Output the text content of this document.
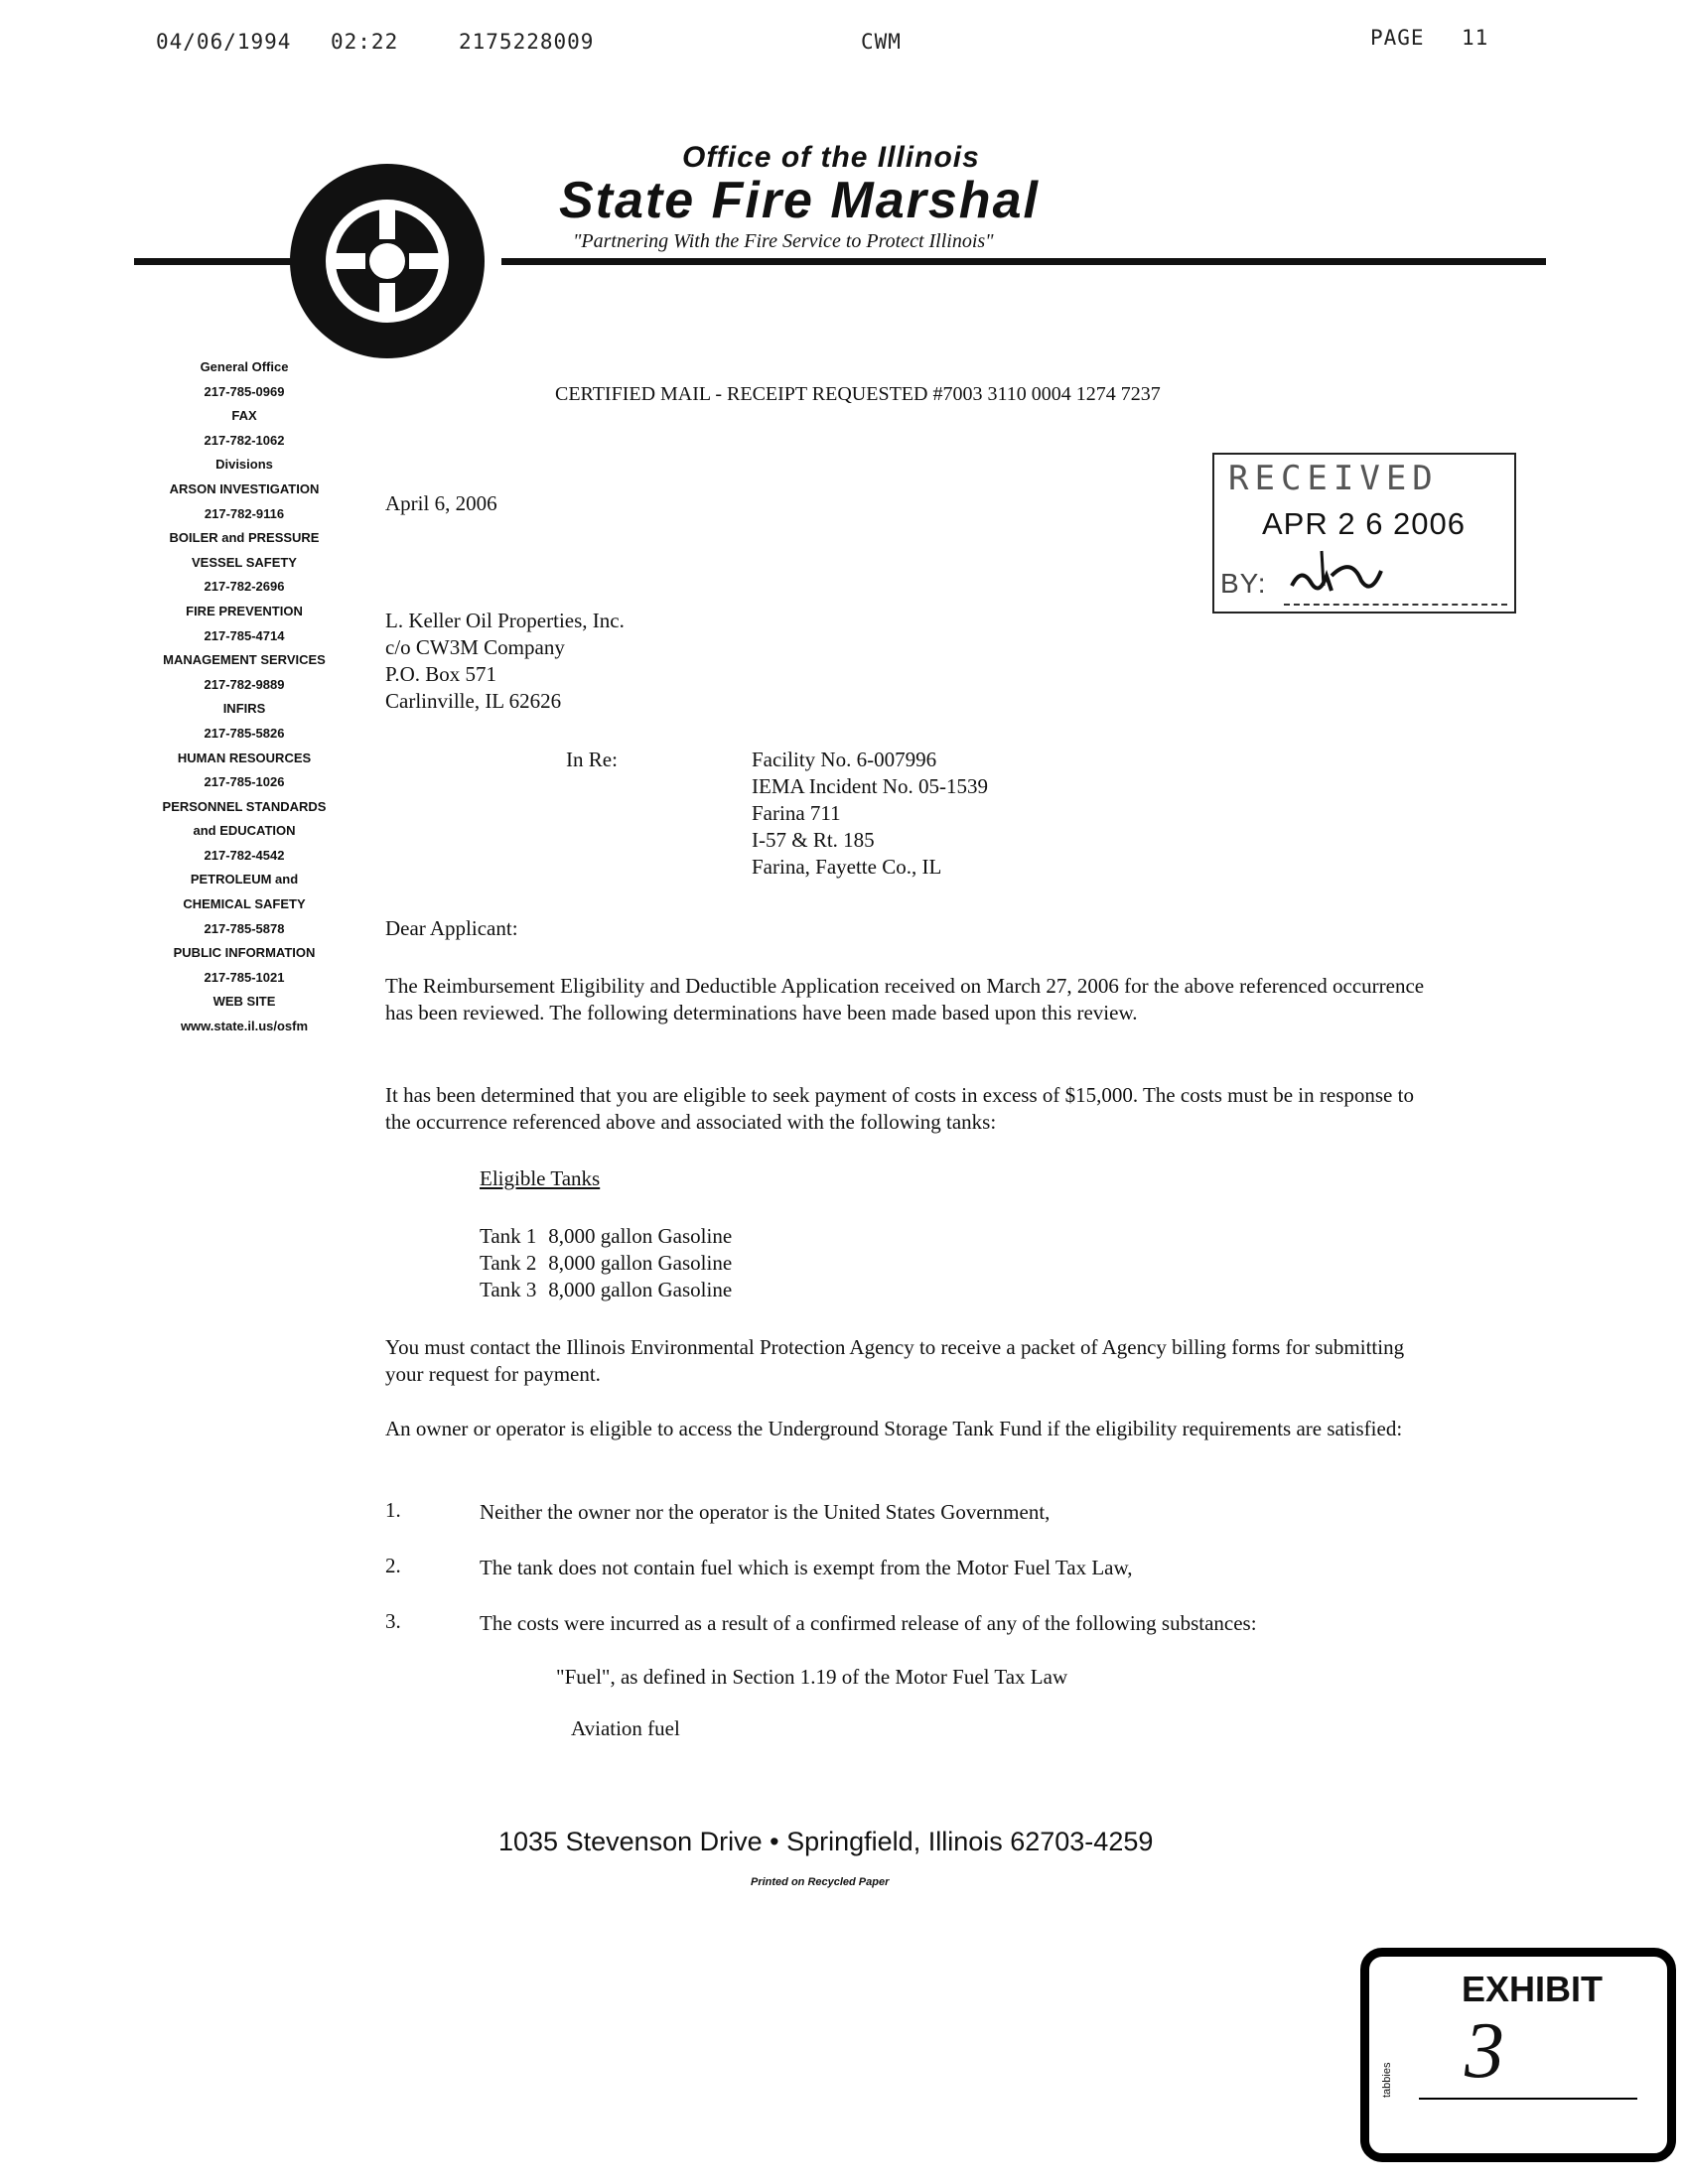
04/06/1994 02:22	2175228009	CWM	PAGE 11
Office of the Illinois
State Fire Marshal
"Partnering With the Fire Service to Protect Illinois"
General Office
217-785-0969
FAX
217-782-1062
Divisions
ARSON INVESTIGATION
217-782-9116
BOILER and PRESSURE
VESSEL SAFETY
217-782-2696
FIRE PREVENTION
217-785-4714
MANAGEMENT SERVICES
217-782-9889
INFIRS
217-785-5826
HUMAN RESOURCES
217-785-1026
PERSONNEL STANDARDS
and EDUCATION
217-782-4542
PETROLEUM and
CHEMICAL SAFETY
217-785-5878
PUBLIC INFORMATION
217-785-1021
WEB SITE
www.state.il.us/osfm
CERTIFIED MAIL - RECEIPT REQUESTED #7003 3110 0004 1274 7237
April 6, 2006
RECEIVED
APR 2 6 2006
BY:
L. Keller Oil Properties, Inc.
c/o CW3M Company
P.O. Box 571
Carlinville, IL 62626
In Re:	Facility No. 6-007996
IEMA Incident No. 05-1539
Farina 711
I-57 & Rt. 185
Farina, Fayette Co., IL
Dear Applicant:
The Reimbursement Eligibility and Deductible Application received on March 27, 2006 for the above referenced occurrence has been reviewed. The following determinations have been made based upon this review.
It has been determined that you are eligible to seek payment of costs in excess of $15,000. The costs must be in response to the occurrence referenced above and associated with the following tanks:
Eligible Tanks
Tank 1 8,000 gallon Gasoline
Tank 2 8,000 gallon Gasoline
Tank 3 8,000 gallon Gasoline
You must contact the Illinois Environmental Protection Agency to receive a packet of Agency billing forms for submitting your request for payment.
An owner or operator is eligible to access the Underground Storage Tank Fund if the eligibility requirements are satisfied:
1.	Neither the owner nor the operator is the United States Government,
2.	The tank does not contain fuel which is exempt from the Motor Fuel Tax Law,
3.	The costs were incurred as a result of a confirmed release of any of the following substances:
"Fuel", as defined in Section 1.19 of the Motor Fuel Tax Law
Aviation fuel
1035 Stevenson Drive • Springfield, Illinois 62703-4259
Printed on Recycled Paper
EXHIBIT
3
tabbies
